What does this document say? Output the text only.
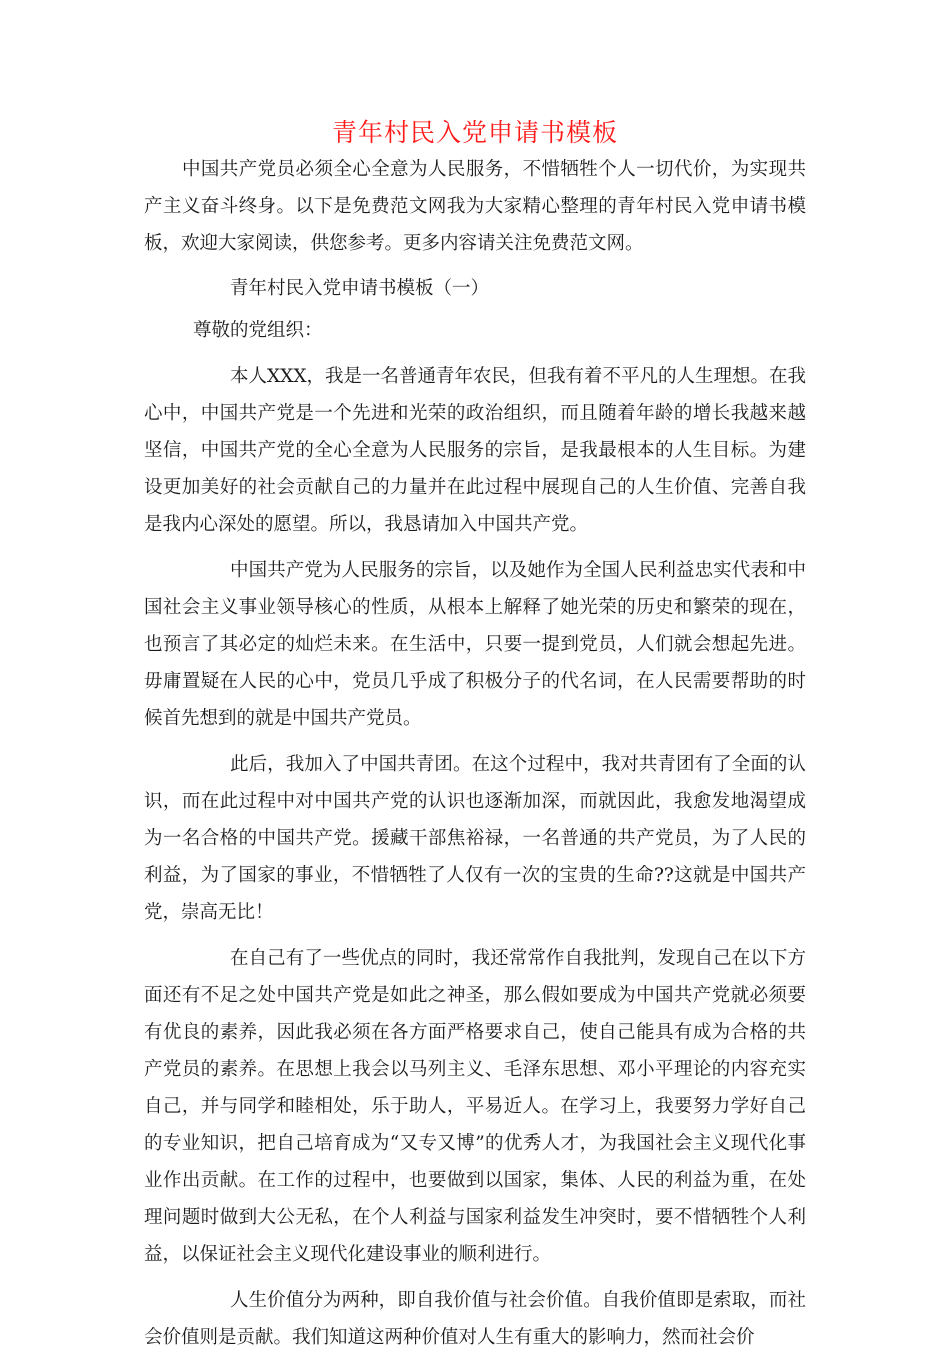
青年村民入党申请书模板

中国共产党员必须全心全意为人民服务，不惜牺牲个人一切代价，为实现共产主义奋斗终身。以下是免费范文网我为大家精心整理的青年村民入党申请书模板，欢迎大家阅读，供您参考。更多内容请关注免费范文网。

青年村民入党申请书模板（一）

尊敬的党组织：

本人XXX，我是一名普通青年农民，但我有着不平凡的人生理想。在我心中，中国共产党是一个先进和光荣的政治组织，而且随着年龄的增长我越来越坚信，中国共产党的全心全意为人民服务的宗旨，是我最根本的人生目标。为建设更加美好的社会贡献自己的力量并在此过程中展现自己的人生价值、完善自我是我内心深处的愿望。所以，我恳请加入中国共产党。

中国共产党为人民服务的宗旨，以及她作为全国人民利益忠实代表和中国社会主义事业领导核心的性质，从根本上解释了她光荣的历史和繁荣的现在，也预言了其必定的灿烂未来。在生活中，只要一提到党员，人们就会想起先进。毋庸置疑在人民的心中，党员几乎成了积极分子的代名词，在人民需要帮助的时候首先想到的就是中国共产党员。

此后，我加入了中国共青团。在这个过程中，我对共青团有了全面的认识，而在此过程中对中国共产党的认识也逐渐加深，而就因此，我愈发地渴望成为一名合格的中国共产党。援藏干部焦裕禄，一名普通的共产党员，为了人民的利益，为了国家的事业，不惜牺牲了人仅有一次的宝贵的生命??这就是中国共产党，崇高无比！

在自己有了一些优点的同时，我还常常作自我批判，发现自己在以下方面还有不足之处中国共产党是如此之神圣，那么假如要成为中国共产党就必须要有优良的素养，因此我必须在各方面严格要求自己，使自己能具有成为合格的共产党员的素养。在思想上我会以马列主义、毛泽东思想、邓小平理论的内容充实自己，并与同学和睦相处，乐于助人，平易近人。在学习上，我要努力学好自己的专业知识，把自己培育成为“又专又博”的优秀人才，为我国社会主义现代化事业作出贡献。在工作的过程中，也要做到以国家，集体、人民的利益为重，在处理问题时做到大公无私，在个人利益与国家利益发生冲突时，要不惜牺牲个人利益，以保证社会主义现代化建设事业的顺利进行。

人生价值分为两种，即自我价值与社会价值。自我价值即是索取，而社会价值则是贡献。我们知道这两种价值对人生有重大的影响力，然而社会价
